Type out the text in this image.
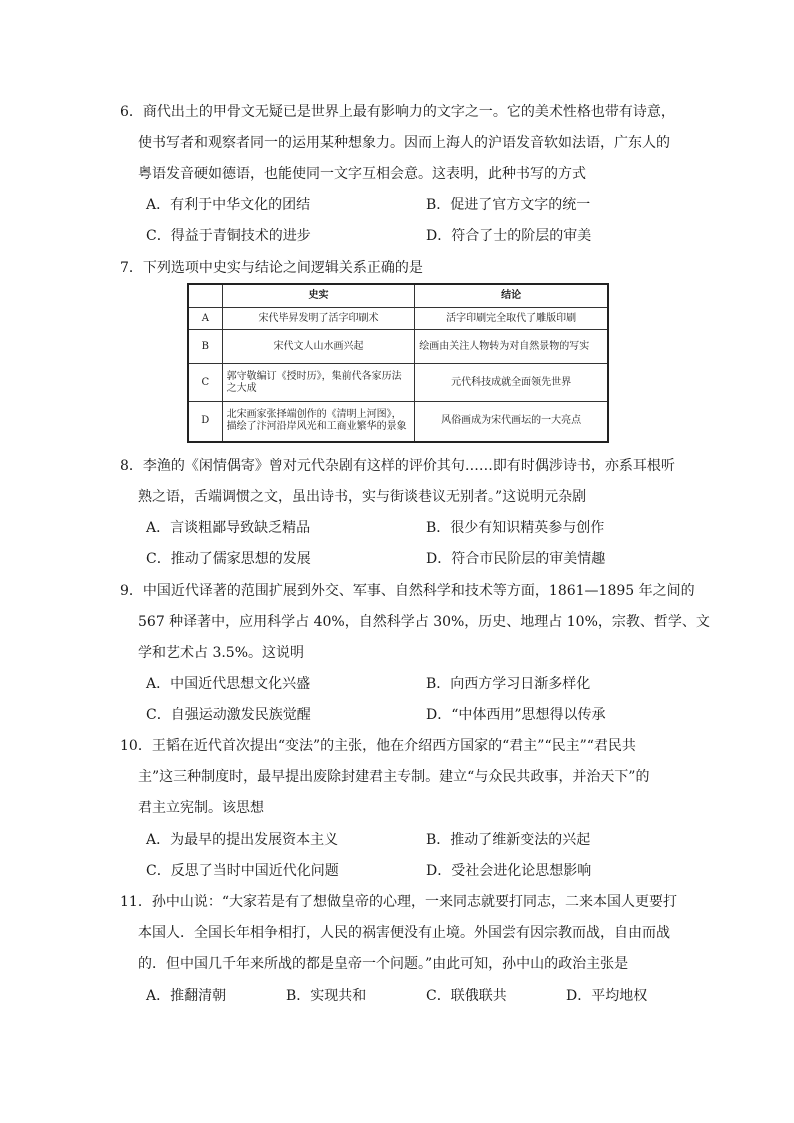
6．商代出土的甲骨文无疑已是世界上最有影响力的文字之一。它的美术性格也带有诗意，
使书写者和观察者同一的运用某种想象力。因而上海人的沪语发音软如法语，广东人的
粤语发音硬如德语，也能使同一文字互相会意。这表明，此种书写的方式
A．有利于中华文化的团结	B．促进了官方文字的统一
C．得益于青铜技术的进步	D．符合了士的阶层的审美
7．下列选项中史实与结论之间逻辑关系正确的是
	史实	结论
A	宋代毕昇发明了活字印刷术	活字印刷完全取代了雕版印刷
B	宋代文人山水画兴起	绘画由关注人物转为对自然景物的写实
C	郭守敬编订《授时历》，集前代各家历法之大成	元代科技成就全面领先世界
D	北宋画家张择端创作的《清明上河图》，描绘了汴河沿岸风光和工商业繁华的景象	风俗画成为宋代画坛的一大亮点
8．李渔的《闲情偶寄》曾对元代杂剧有这样的评价其句……即有时偶涉诗书，亦系耳根听
熟之语，舌端调惯之文，虽出诗书，实与街谈巷议无别者。”这说明元杂剧
A．言谈粗鄙导致缺乏精品	B．很少有知识精英参与创作
C．推动了儒家思想的发展	D．符合市民阶层的审美情趣
9．中国近代译著的范围扩展到外交、军事、自然科学和技术等方面，1861—1895 年之间的
567 种译著中，应用科学占 40%，自然科学占 30%，历史、地理占 10%，宗教、哲学、文
学和艺术占 3.5%。这说明
A．中国近代思想文化兴盛	B．向西方学习日渐多样化
C．自强运动激发民族觉醒	D．“中体西用”思想得以传承
10．王韬在近代首次提出“变法”的主张，他在介绍西方国家的“君主”“民主”“君民共
主”这三种制度时，最早提出废除封建君主专制。建立“与众民共政事，并治天下”的
君主立宪制。该思想
A．为最早的提出发展资本主义	B．推动了维新变法的兴起
C．反思了当时中国近代化问题	D．受社会进化论思想影响
11．孙中山说：“大家若是有了想做皇帝的心理，一来同志就要打同志，二来本国人更要打
本国人．全国长年相争相打，人民的祸害便没有止境。外国尝有因宗教而战，自由而战
的．但中国几千年来所战的都是皇帝一个问题。”由此可知，孙中山的政治主张是
A．推翻清朝	B．实现共和	C．联俄联共	D．平均地权
